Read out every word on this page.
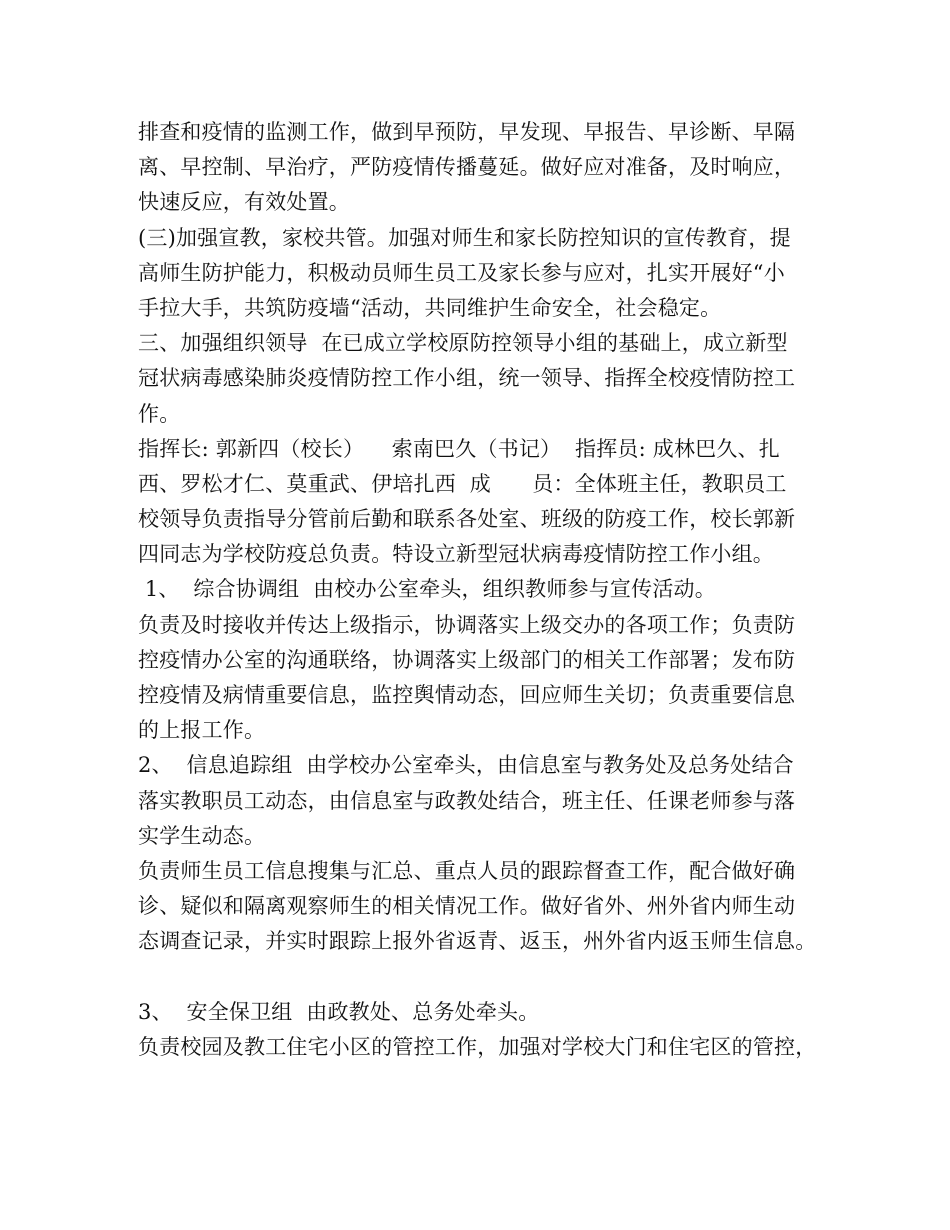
排查和疫情的监测工作，做到早预防，早发现、早报告、早诊断、早隔
离、早控制、早治疗，严防疫情传播蔓延。做好应对准备，及时响应，
快速反应，有效处置。
(三)加强宣教，家校共管。加强对师生和家长防控知识的宣传教育，提
高师生防护能力，积极动员师生员工及家长参与应对，扎实开展好“小
手拉大手，共筑防疫墙“活动，共同维护生命安全，社会稳定。
三、加强组织领导  在已成立学校原防控领导小组的基础上，成立新型
冠状病毒感染肺炎疫情防控工作小组，统一领导、指挥全校疫情防控工
作。
指挥长: 郭新四（校长）    索南巴久（书记）  指挥员: 成林巴久、扎
西、罗松才仁、莫重武、伊培扎西  成      员：全体班主任，教职员工
校领导负责指导分管前后勤和联系各处室、班级的防疫工作，校长郭新
四同志为学校防疫总负责。特设立新型冠状病毒疫情防控工作小组。
1、  综合协调组  由校办公室牵头，组织教师参与宣传活动。
负责及时接收并传达上级指示，协调落实上级交办的各项工作；负责防
控疫情办公室的沟通联络，协调落实上级部门的相关工作部署；发布防
控疫情及病情重要信息，监控舆情动态，回应师生关切；负责重要信息
的上报工作。
2、  信息追踪组  由学校办公室牵头，由信息室与教务处及总务处结合
落实教职员工动态，由信息室与政教处结合，班主任、任课老师参与落
实学生动态。
负责师生员工信息搜集与汇总、重点人员的跟踪督查工作，配合做好确
诊、疑似和隔离观察师生的相关情况工作。做好省外、州外省内师生动
态调查记录，并实时跟踪上报外省返青、返玉，州外省内返玉师生信息。
3、  安全保卫组  由政教处、总务处牵头。
负责校园及教工住宅小区的管控工作，加强对学校大门和住宅区的管控，
